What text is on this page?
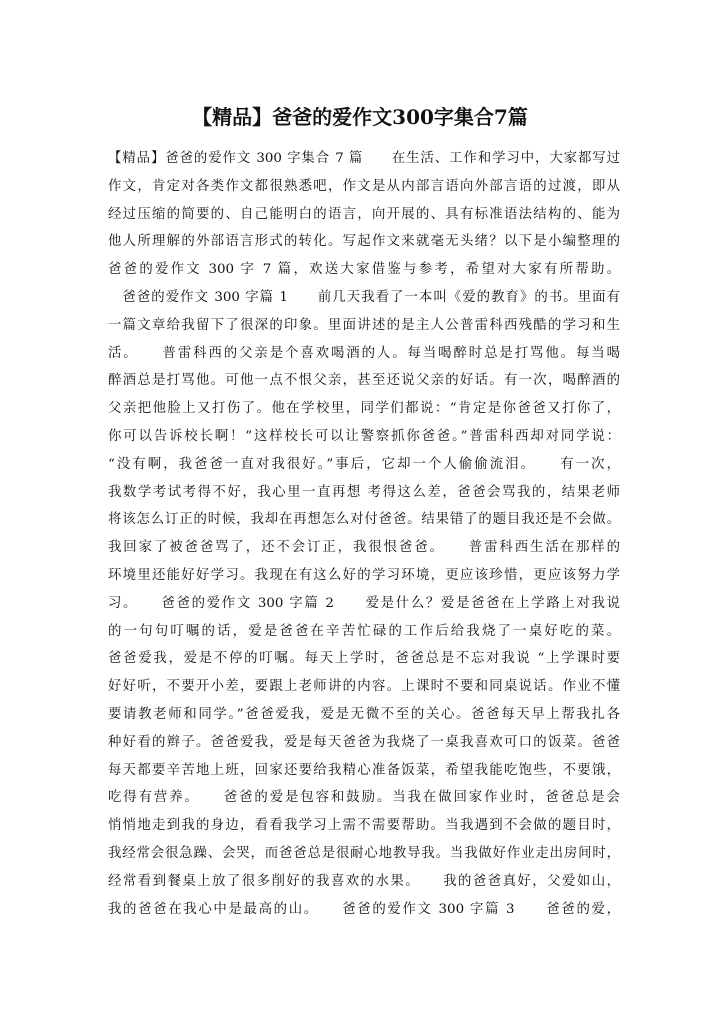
【精品】爸爸的爱作文300字集合7篇
【精品】爸爸的爱作文 300 字集合 7 篇　　在生活、工作和学习中，大家都写过
作文，肯定对各类作文都很熟悉吧，作文是从内部言语向外部言语的过渡，即从
经过压缩的简要的、自己能明白的语言，向开展的、具有标准语法结构的、能为
他人所理解的外部语言形式的转化。写起作文来就毫无头绪？以下是小编整理的
爸爸的爱作文 300 字 7 篇，欢送大家借鉴与参考，希望对大家有所帮助。
　爸爸的爱作文 300 字篇 1　　前几天我看了一本叫《爱的教育》的书。里面有
一篇文章给我留下了很深的印象。里面讲述的是主人公普雷科西残酷的学习和生
活。　　普雷科西的父亲是个喜欢喝酒的人。每当喝醉时总是打骂他。每当喝
醉酒总是打骂他。可他一点不恨父亲，甚至还说父亲的好话。有一次，喝醉酒的
父亲把他脸上又打伤了。他在学校里，同学们都说：“肯定是你爸爸又打你了，
你可以告诉校长啊！”这样校长可以让警察抓你爸爸。”普雷科西却对同学说：
“没有啊，我爸爸一直对我很好。”事后，它却一个人偷偷流泪。　　有一次，
我数学考试考得不好，我心里一直再想 考得这么差，爸爸会骂我的，结果老师
将该怎么订正的时候，我却在再想怎么对付爸爸。结果错了的题目我还是不会做。
我回家了被爸爸骂了，还不会订正，我很恨爸爸。　　普雷科西生活在那样的
环境里还能好好学习。我现在有这么好的学习环境，更应该珍惜，更应该努力学
习。　　爸爸的爱作文 300 字篇 2　　爱是什么？爱是爸爸在上学路上对我说
的一句句叮嘱的话，爱是爸爸在辛苦忙碌的工作后给我烧了一桌好吃的菜。
爸爸爱我，爱是不停的叮嘱。每天上学时，爸爸总是不忘对我说 “上学课时要
好好听，不要开小差，要跟上老师讲的内容。上课时不要和同桌说话。作业不懂
要请教老师和同学。”爸爸爱我，爱是无微不至的关心。爸爸每天早上帮我扎各
种好看的辫子。爸爸爱我，爱是每天爸爸为我烧了一桌我喜欢可口的饭菜。爸爸
每天都要辛苦地上班，回家还要给我精心准备饭菜，希望我能吃饱些，不要饿，
吃得有营养。　　爸爸的爱是包容和鼓励。当我在做回家作业时，爸爸总是会
悄悄地走到我的身边，看看我学习上需不需要帮助。当我遇到不会做的题目时，
我经常会很急躁、会哭，而爸爸总是很耐心地教导我。当我做好作业走出房间时，
经常看到餐桌上放了很多削好的我喜欢的水果。　　我的爸爸真好，父爱如山，
我的爸爸在我心中是最高的山。　　爸爸的爱作文 300 字篇 3　　爸爸的爱，
